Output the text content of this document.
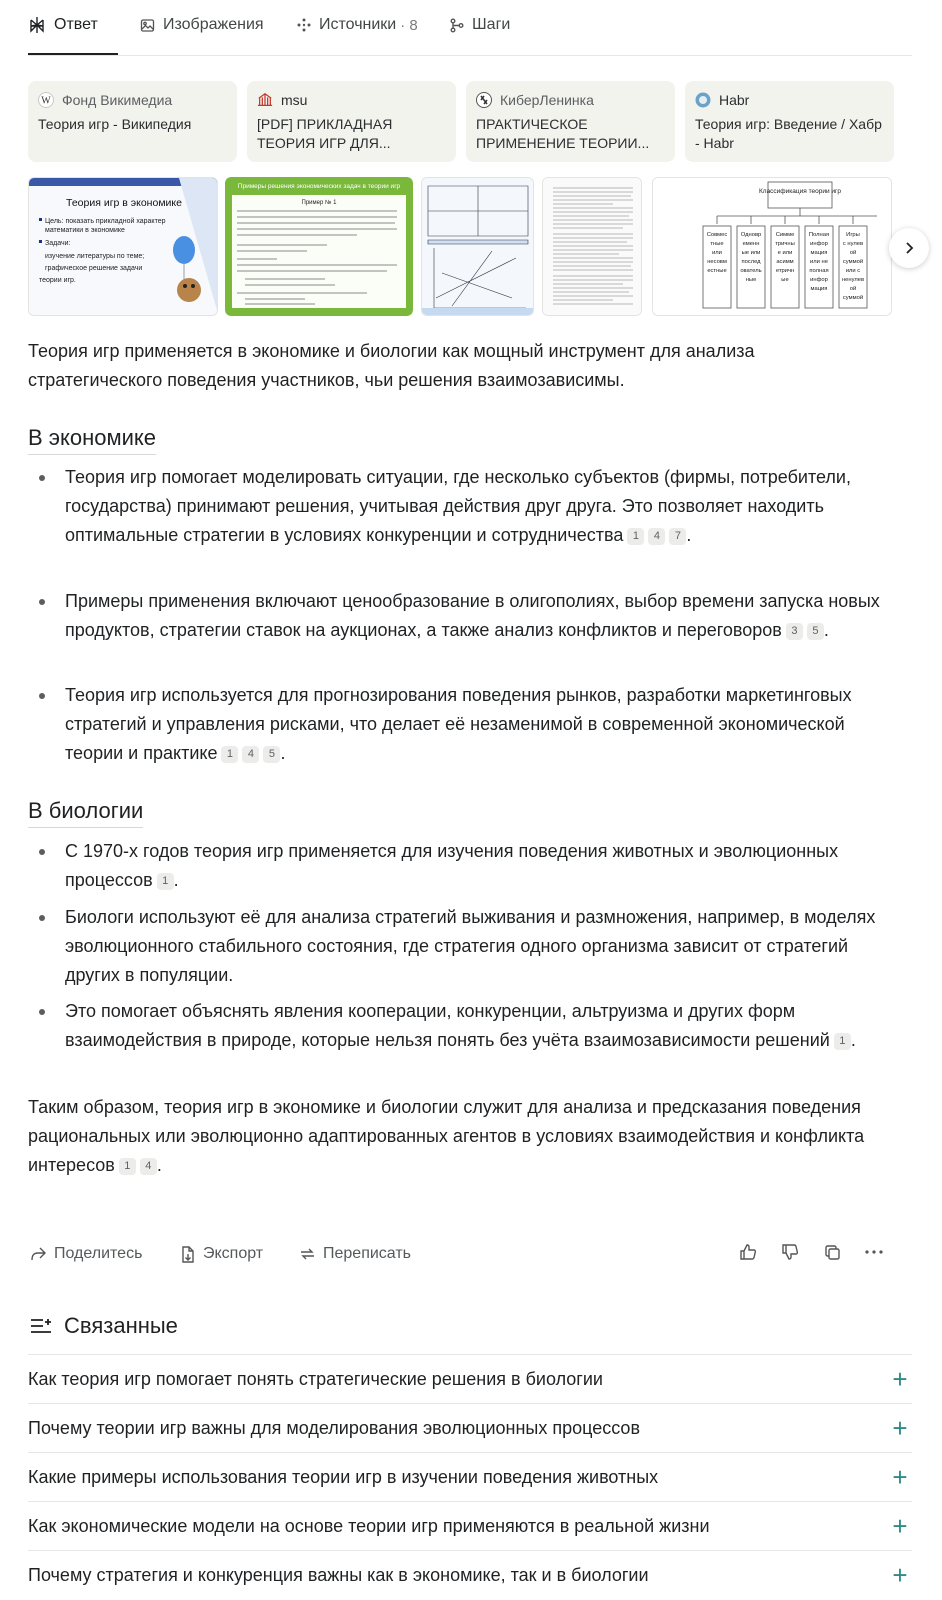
Ответ	Изображения	Источники · 8	Шаги
W Фонд Викимедиа
Теория игр - Википедия
msu
[PDF] ПРИКЛАДНАЯ ТЕОРИЯ ИГР ДЛЯ...
КиберЛенинка
ПРАКТИЧЕСКОЕ ПРИМЕНЕНИЕ ТЕОРИИ...
Habr
Теория игр: Введение / Хабр - Habr
Теория игр в экономике
Цель: показать прикладной характер
математики в экономике
Задачи:
изучение литературы по теме;
графическое решение задачи
теории игр.
Примеры решения экономических задач в теории игр
Пример № 1
Классификация теории игр
Совмес
тные
или
несовм
естные
Одновр
еменн
ые или
послед
ователь
ные
Симме
тричны
е или
асимм
етричн
ые
Полная
инфор
мация
или не
полная
инфор
мация
Игры
с нулев
ой
суммой
или с
ненулев
ой
суммой
Теория игр применяется в экономике и биологии как мощный инструмент для анализа стратегического поведения участников, чьи решения взаимозависимы.
В экономике
Теория игр помогает моделировать ситуации, где несколько субъектов (фирмы, потребители, государства) принимают решения, учитывая действия друг друга. Это позволяет находить оптимальные стратегии в условиях конкуренции и сотрудничества 1 4 7 .
Примеры применения включают ценообразование в олигополиях, выбор времени запуска новых продуктов, стратегии ставок на аукционах, а также анализ конфликтов и переговоров 3 5 .
Теория игр используется для прогнозирования поведения рынков, разработки маркетинговых стратегий и управления рисками, что делает её незаменимой в современной экономической теории и практике 1 4 5 .
В биологии
С 1970-х годов теория игр применяется для изучения поведения животных и эволюционных процессов 1 .
Биологи используют её для анализа стратегий выживания и размножения, например, в моделях эволюционного стабильного состояния, где стратегия одного организма зависит от стратегий других в популяции.
Это помогает объяснять явления кооперации, конкуренции, альтруизма и других форм взаимодействия в природе, которые нельзя понять без учёта взаимозависимости решений 1 .
Таким образом, теория игр в экономике и биологии служит для анализа и предсказания поведения рациональных или эволюционно адаптированных агентов в условиях взаимодействия и конфликта интересов 1 4 .
Поделитесь	Экспорт	Переписать
Связанные
Как теория игр помогает понять стратегические решения в биологии	+
Почему теории игр важны для моделирования эволюционных процессов	+
Какие примеры использования теории игр в изучении поведения животных	+
Как экономические модели на основе теории игр применяются в реальной жизни	+
Почему стратегия и конкуренция важны как в экономике, так и в биологии	+
